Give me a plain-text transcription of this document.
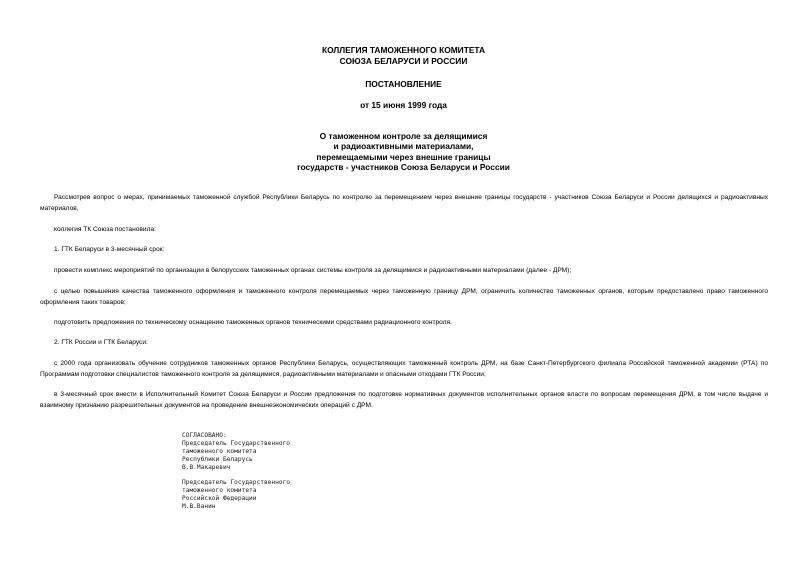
КОЛЛЕГИЯ ТАМОЖЕННОГО КОМИТЕТА
СОЮЗА БЕЛАРУСИ И РОССИИ
ПОСТАНОВЛЕНИЕ
от 15 июня 1999 года
О таможенном контроле за делящимися
и радиоактивными материалами,
перемещаемыми через внешние границы
государств - участников Союза Беларуси и России
Рассмотрев вопрос о мерах, принимаемых таможенной службой Республики Беларусь по контролю за перемещением через внешние границы государств - участников Союза Беларуси и России делящихся и радиоактивных материалов,
коллегия ТК Союза постановила:
1. ГТК Беларуси в 3-месячный срок:
провести комплекс мероприятий по организации в белорусских таможенных органах системы контроля за делящимися и радиоактивными материалами (далее - ДРМ);
с целью повышения качества таможенного оформления и таможенного контроля перемещаемых через таможенную границу ДРМ, ограничить количество таможенных органов, которым предоставлено право таможенного оформления таких товаров;
подготовить предложения по техническому оснащению таможенных органов техническими средствами радиационного контроля.
2. ГТК России и ГТК Беларуси:
с 2000 года организовать обучение сотрудников таможенных органов Республики Беларусь, осуществляющих таможенный контроль ДРМ, на базе Санкт-Петербургского филиала Российской таможенной академии (РТА) по Программам подготовки специалистов таможенного контроля за делящимися, радиоактивными материалами и опасными отходами ГТК России;
в 3-месячный срок внести в Исполнительный Комитет Союза Беларуси и России предложения по подготовке нормативных документов исполнительных органов власти по вопросам перемещения ДРМ, в том числе выдаче и взаимному признанию разрешительных документов на проведение внешнеэкономических операций с ДРМ.
СОГЛАСОВАНО:
Председатель Государственного
таможенного комитета
Республики Беларусь
В.В.Макаревич
Председатель Государственного
таможенного комитета
Российской Федерации
М.В.Ванин
